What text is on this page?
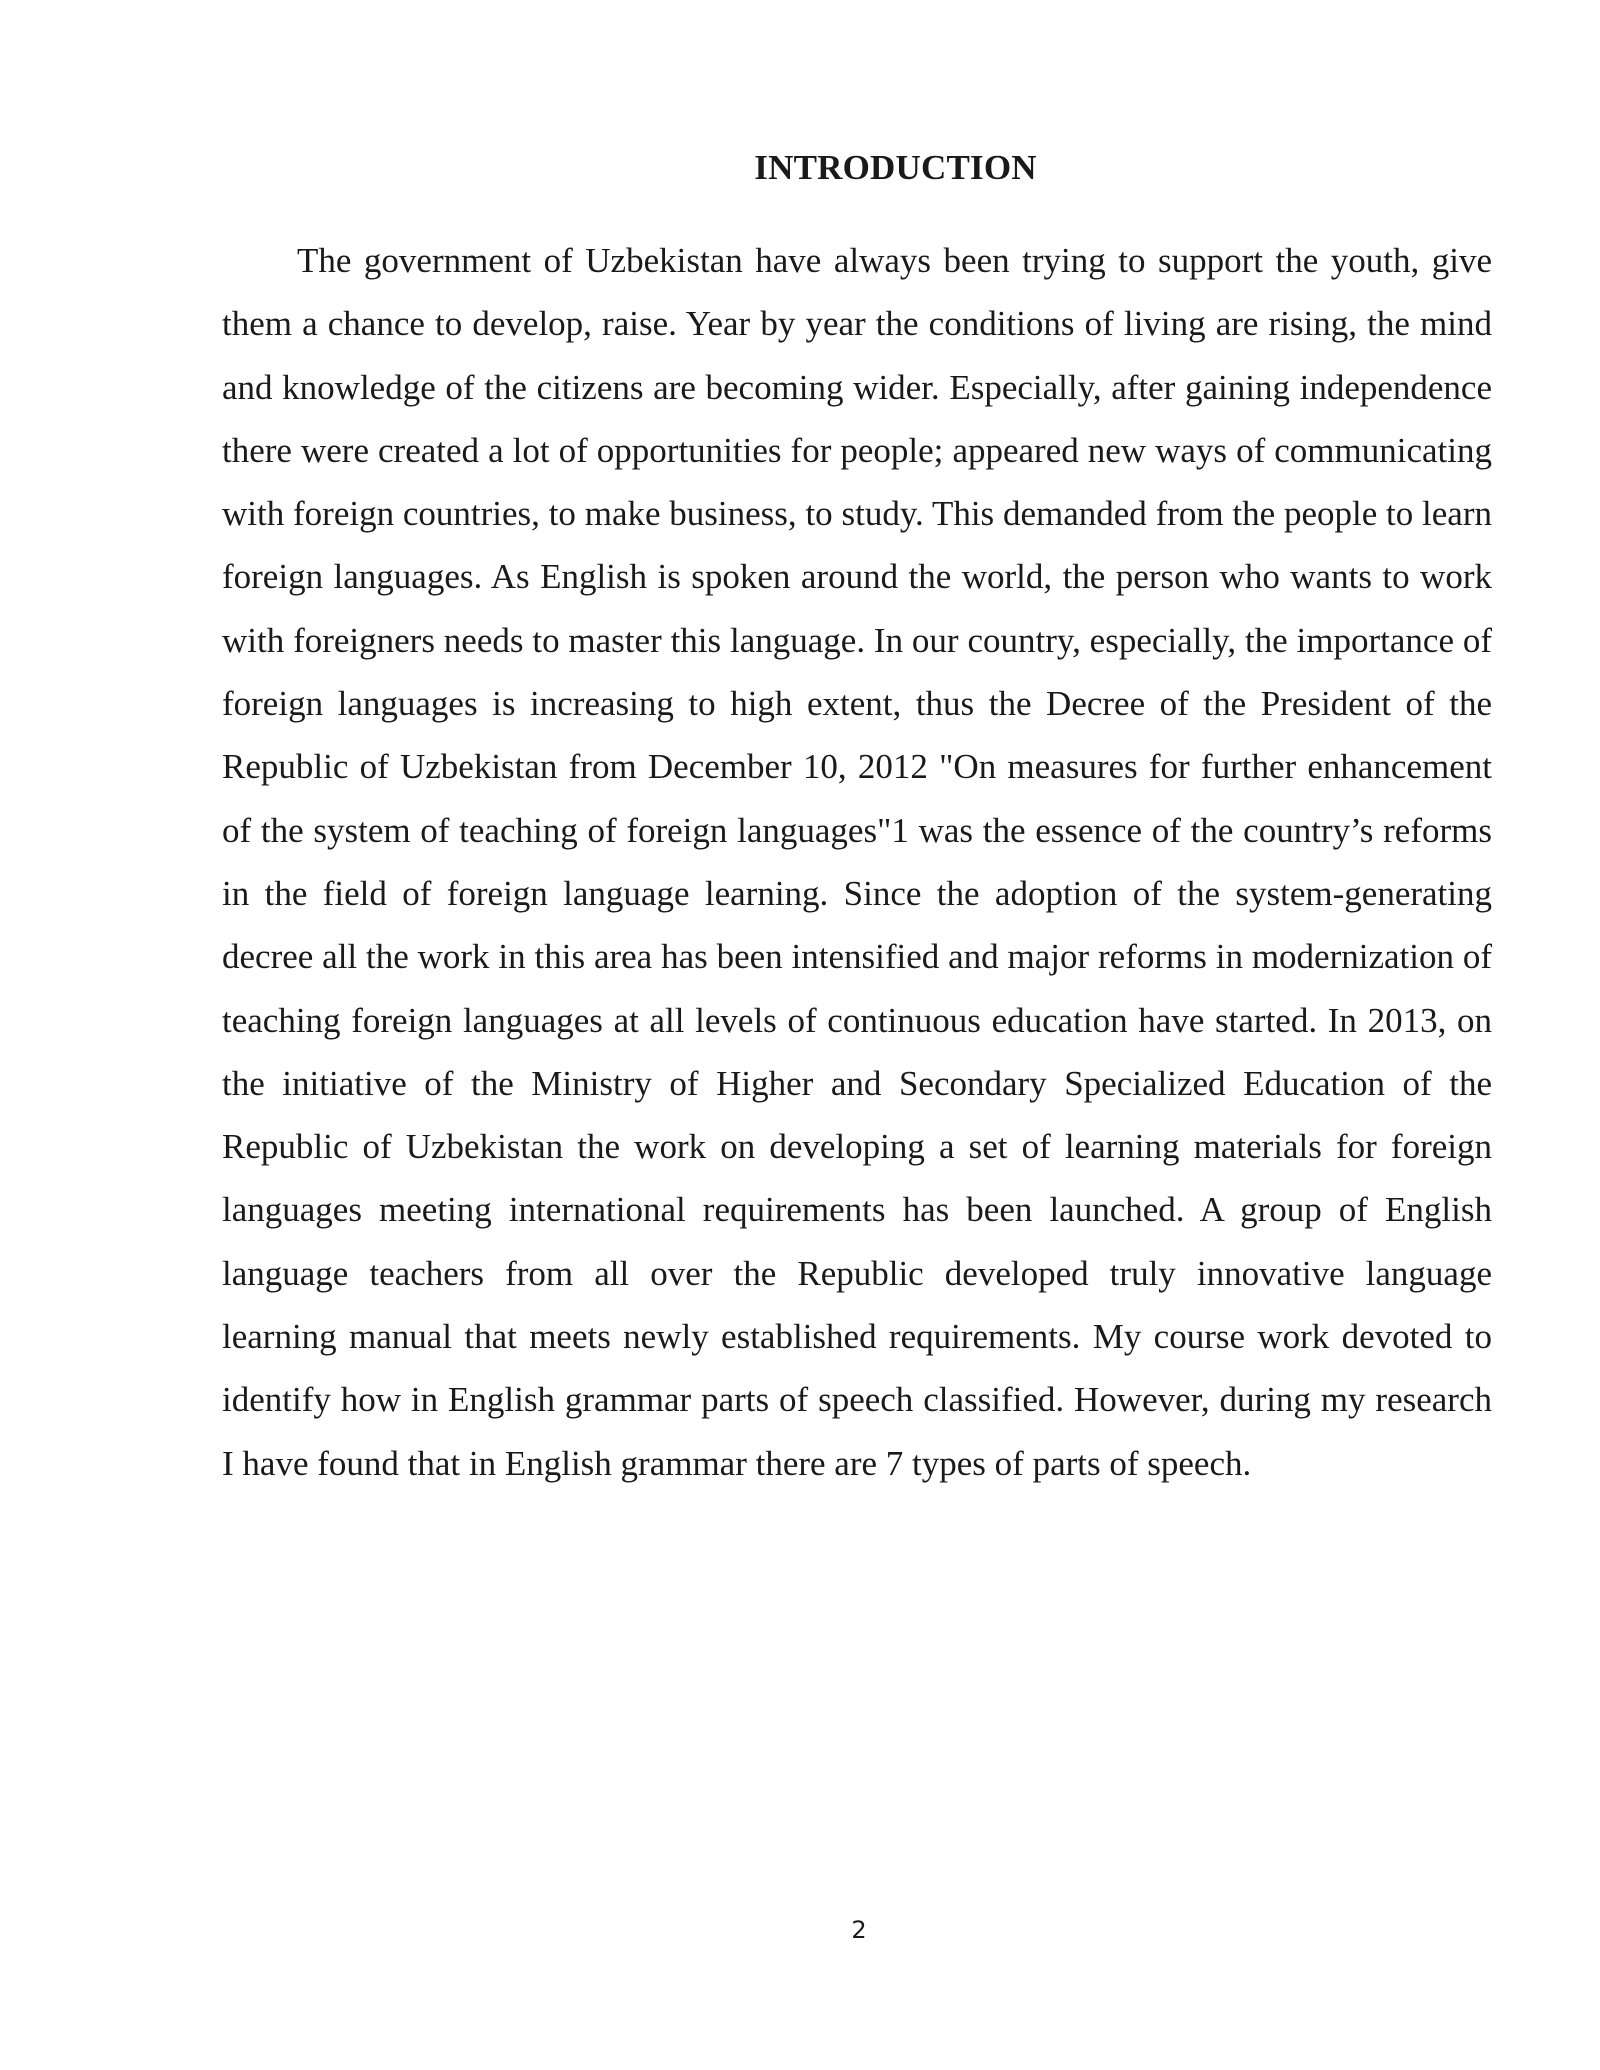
INTRODUCTION

The government of Uzbekistan have always been trying to support the youth, give them a chance to develop, raise. Year by year the conditions of living are rising, the mind and knowledge of the citizens are becoming wider. Especially, after gaining independence there were created a lot of opportunities for people; appeared new ways of communicating with foreign countries, to make business, to study. This demanded from the people to learn foreign languages. As English is spoken around the world, the person who wants to work with foreigners needs to master this language. In our country, especially, the importance of foreign languages is increasing to high extent, thus the Decree of the President of the Republic of Uzbekistan from December 10, 2012 "On measures for further enhancement of the system of teaching of foreign languages"1 was the essence of the country’s reforms in the field of foreign language learning. Since the adoption of the system-generating decree all the work in this area has been intensified and major reforms in modernization of teaching foreign languages at all levels of continuous education have started. In 2013, on the initiative of the Ministry of Higher and Secondary Specialized Education of the Republic of Uzbekistan the work on developing a set of learning materials for foreign languages meeting international requirements has been launched. A group of English language teachers from all over the Republic developed truly innovative language learning manual that meets newly established requirements. My course work devoted to identify how in English grammar parts of speech classified. However, during my research I have found that in English grammar there are 7 types of parts of speech.

2
